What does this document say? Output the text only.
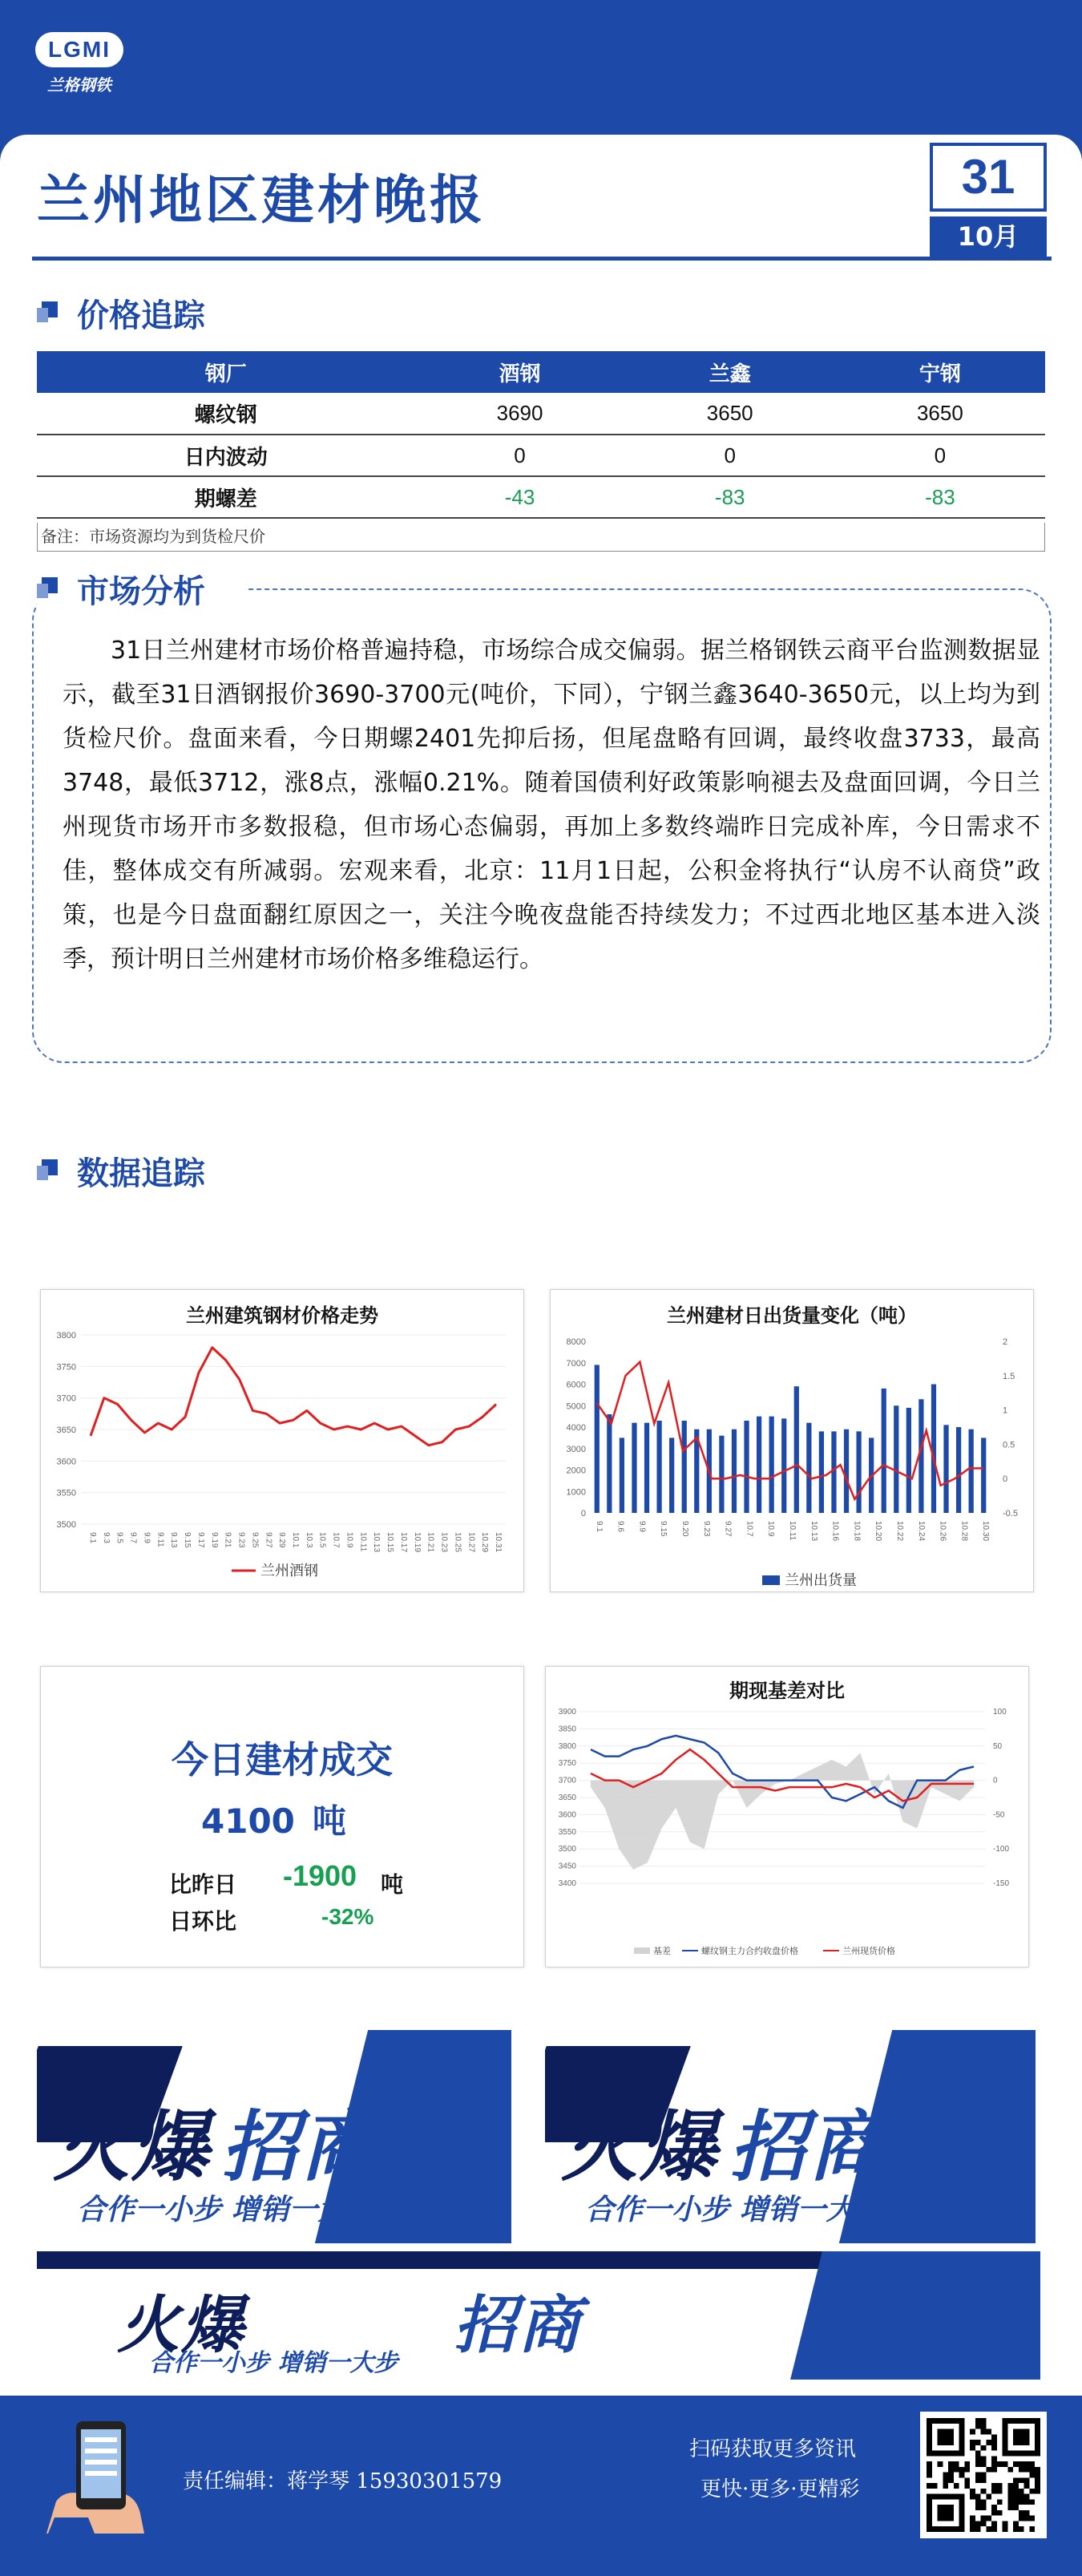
LGMI
兰格钢铁
兰州地区建材晚报	31
10月
价格追踪
钢厂	酒钢	兰鑫	宁钢
螺纹钢	3690	3650	3650
日内波动	0	0	0
期螺差	-43	-83	-83
备注：市场资源均为到货检尺价
市场分析
31日兰州建材市场价格普遍持稳，市场综合成交偏弱。据兰格钢铁云商平台监测数据显示，截至31日酒钢报价3690-3700元(吨价，下同），宁钢兰鑫3640-3650元，以上均为到货检尺价。盘面来看，今日期螺2401先抑后扬，但尾盘略有回调，最终收盘3733，最高3748，最低3712，涨8点，涨幅0.21%。随着国债利好政策影响褪去及盘面回调，今日兰州现货市场开市多数报稳，但市场心态偏弱，再加上多数终端昨日完成补库，今日需求不佳，整体成交有所减弱。宏观来看，北京：11月1日起，公积金将执行“认房不认商贷”政策，也是今日盘面翻红原因之一，关注今晚夜盘能否持续发力；不过西北地区基本进入淡季，预计明日兰州建材市场价格多维稳运行。
数据追踪
兰州建筑钢材价格走势
3500
3550
3600
3650
3700
3750
3800
9.1 9.3 9.5 9.7 9.9 9.11 9.13 9.15 9.17 9.19 9.21 9.23 9.25 9.27 9.29 10.1 10.3 10.5 10.7 10.9 10.11 10.13 10.15 10.17 10.19 10.21 10.23 10.25 10.27 10.29 10.31
兰州酒钢
兰州建材日出货量变化（吨）
0
1000
2000
3000
4000
5000
6000
7000
8000
-0.5
0
0.5
1
1.5
2
9.1 9.6 9.9 9.15 9.20 9.23 9.27 10.7 10.9 10.11 10.13 10.16 10.18 10.20 10.22 10.24 10.26 10.28 10.30
兰州出货量
今日建材成交
4100 吨
比昨日 -1900 吨
日环比	-32%
期现基差对比
3400
3450
3500
3550
3600
3650
3700
3750
3800
3850
3900
-150
-100
-50
0
50
100
基差	螺纹钢主力合约收盘价格	兰州现货价格
火爆 招商
合作一小步 增销一大步
火爆 招商
合作一小步 增销一大步
火爆	招商
合作一小步 增销一大步
责任编辑：蒋学琴 15930301579
扫码获取更多资讯
更快·更多·更精彩
